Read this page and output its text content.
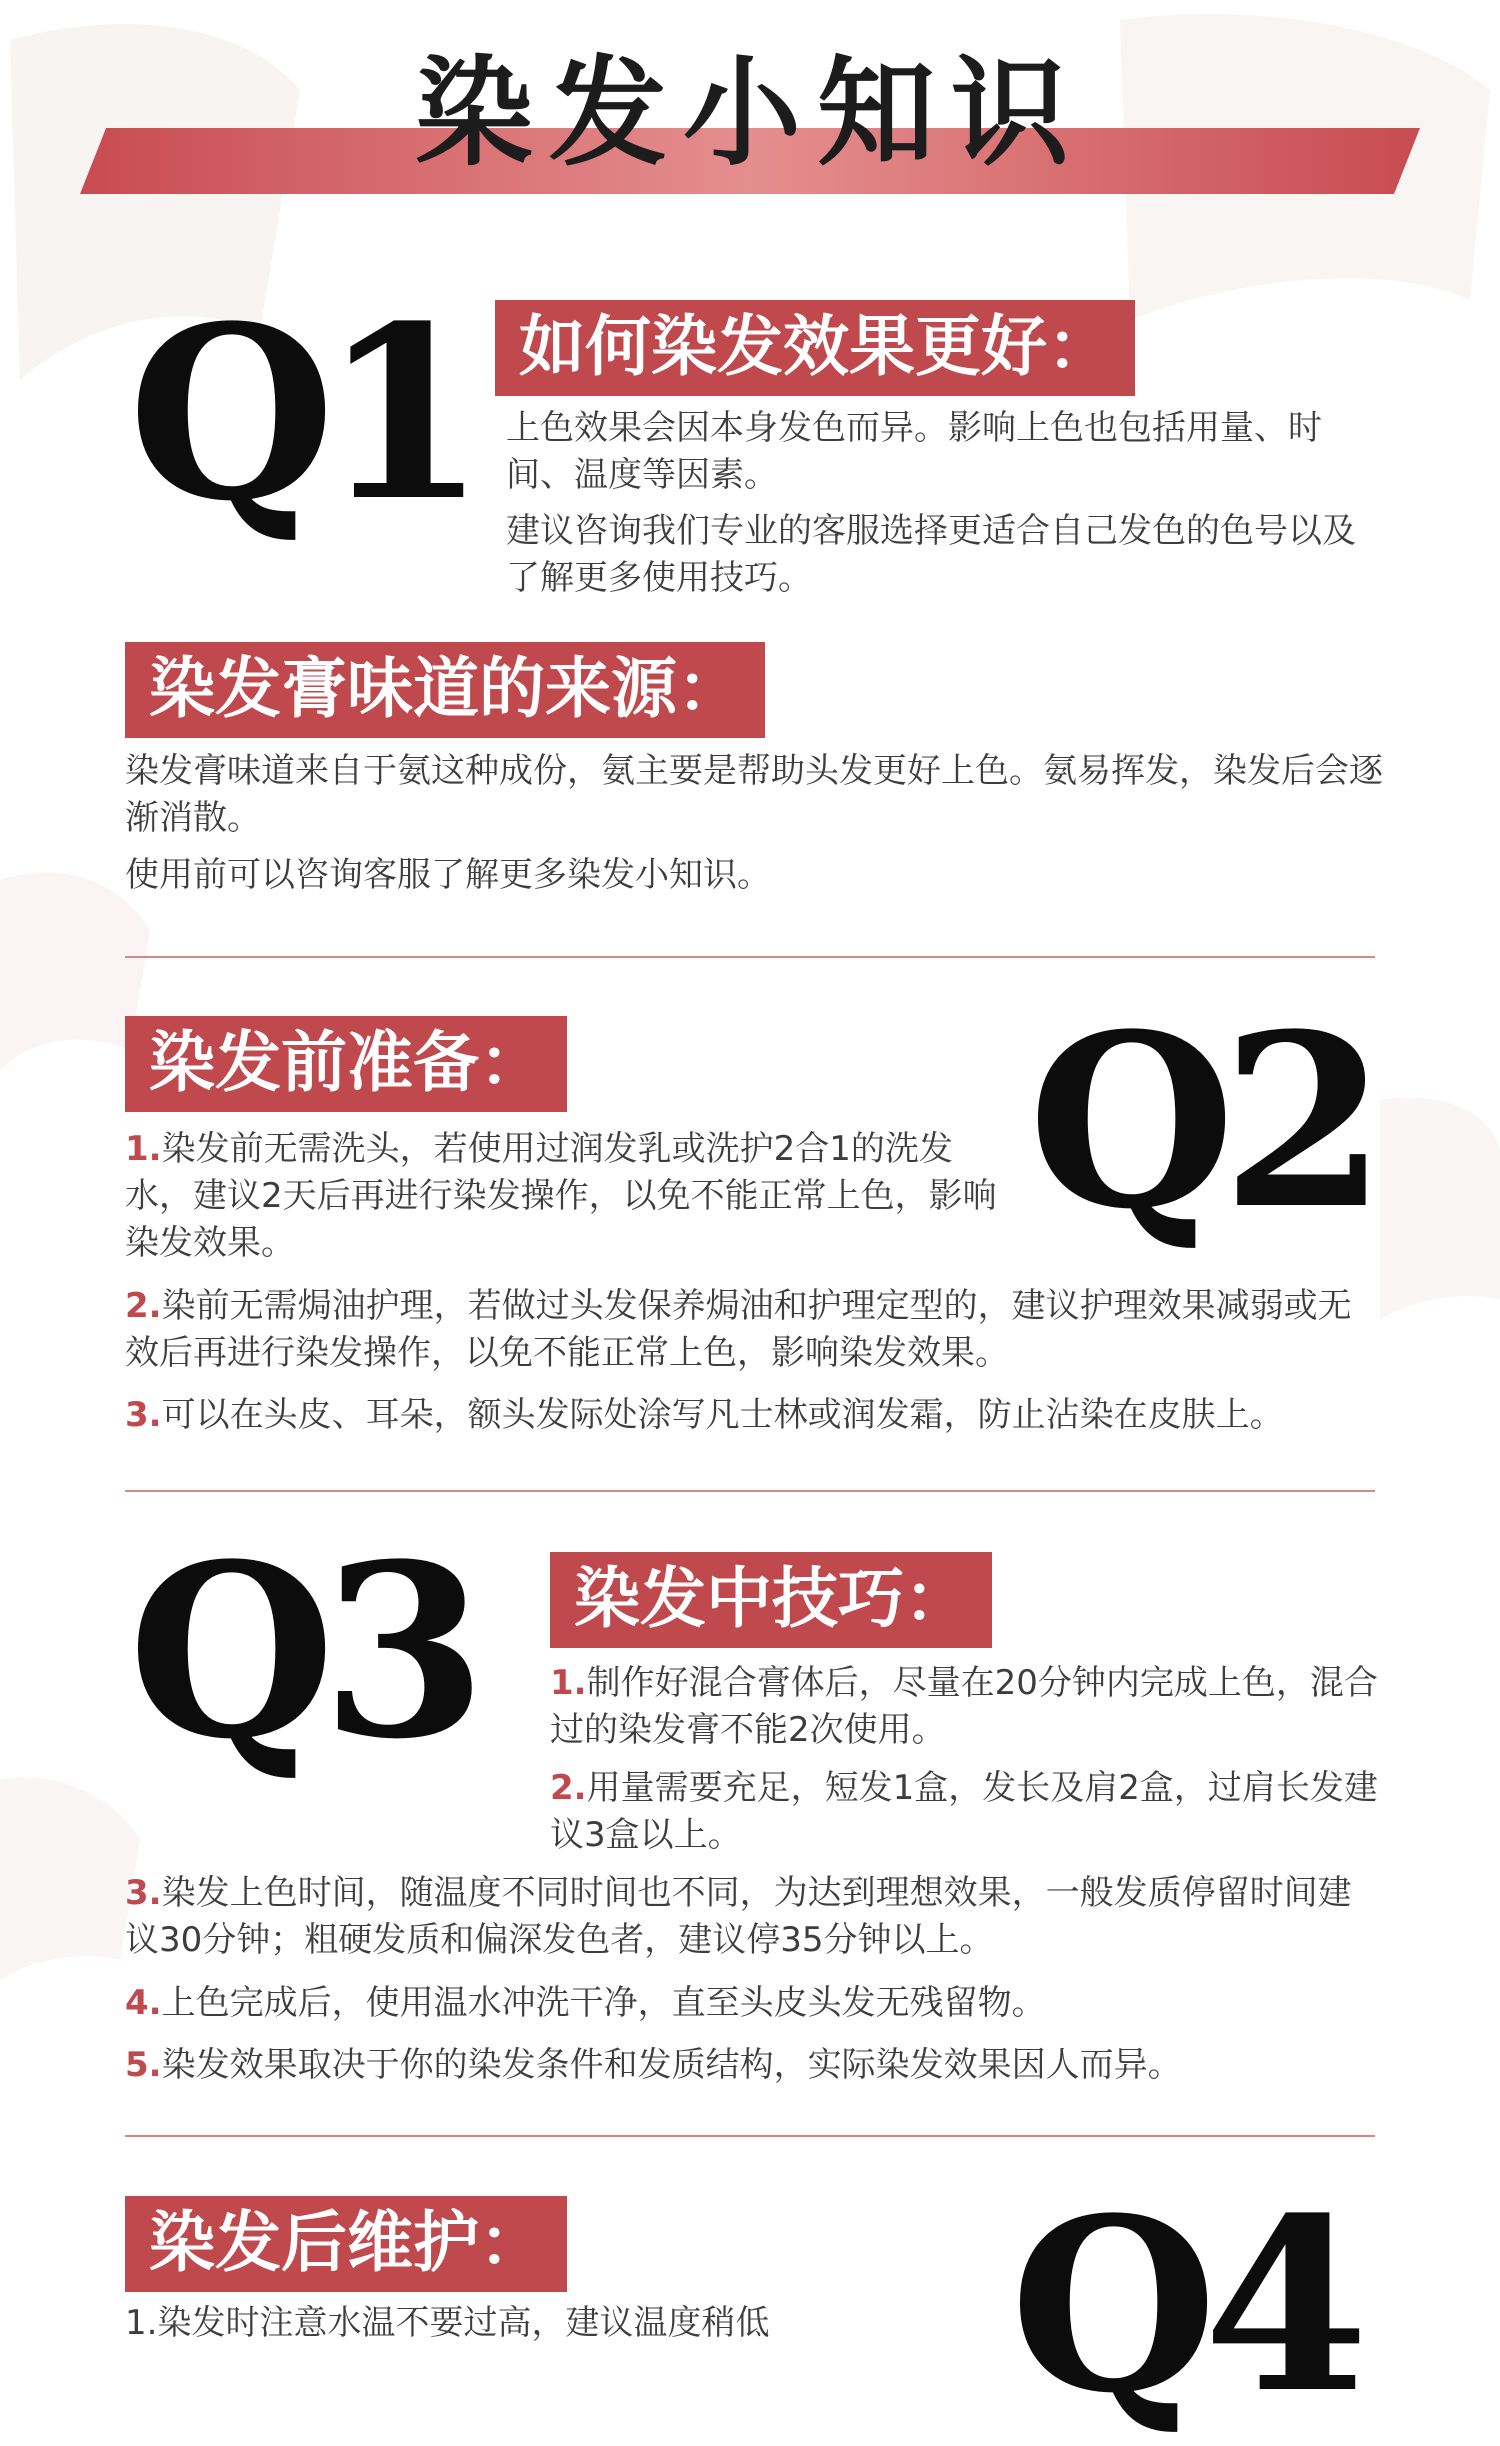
染发小知识
Q1 如何染发效果更好：
上色效果会因本身发色而异。影响上色也包括用量、时间、温度等因素。
建议咨询我们专业的客服选择更适合自己发色的色号以及了解更多使用技巧。
染发膏味道的来源：
染发膏味道来自于氨这种成份，氨主要是帮助头发更好上色。氨易挥发，染发后会逐渐消散。
使用前可以咨询客服了解更多染发小知识。
染发前准备： Q2
1.染发前无需洗头，若使用过润发乳或洗护2合1的洗发水，建议2天后再进行染发操作，以免不能正常上色，影响染发效果。
2.染前无需焗油护理，若做过头发保养焗油和护理定型的，建议护理效果减弱或无效后再进行染发操作，以免不能正常上色，影响染发效果。
3.可以在头皮、耳朵，额头发际处涂写凡士林或润发霜，防止沾染在皮肤上。
Q3	染发中技巧：
1.制作好混合膏体后，尽量在20分钟内完成上色，混合过的染发膏不能2次使用。
2.用量需要充足，短发1盒，发长及肩2盒，过肩长发建议3盒以上。
3.染发上色时间，随温度不同时间也不同，为达到理想效果，一般发质停留时间建议30分钟；粗硬发质和偏深发色者，建议停35分钟以上。
4.上色完成后，使用温水冲洗干净，直至头皮头发无残留物。
5.染发效果取决于你的染发条件和发质结构，实际染发效果因人而异。
染发后维护： Q4
1.染发时注意水温不要过高，建议温度稍低
